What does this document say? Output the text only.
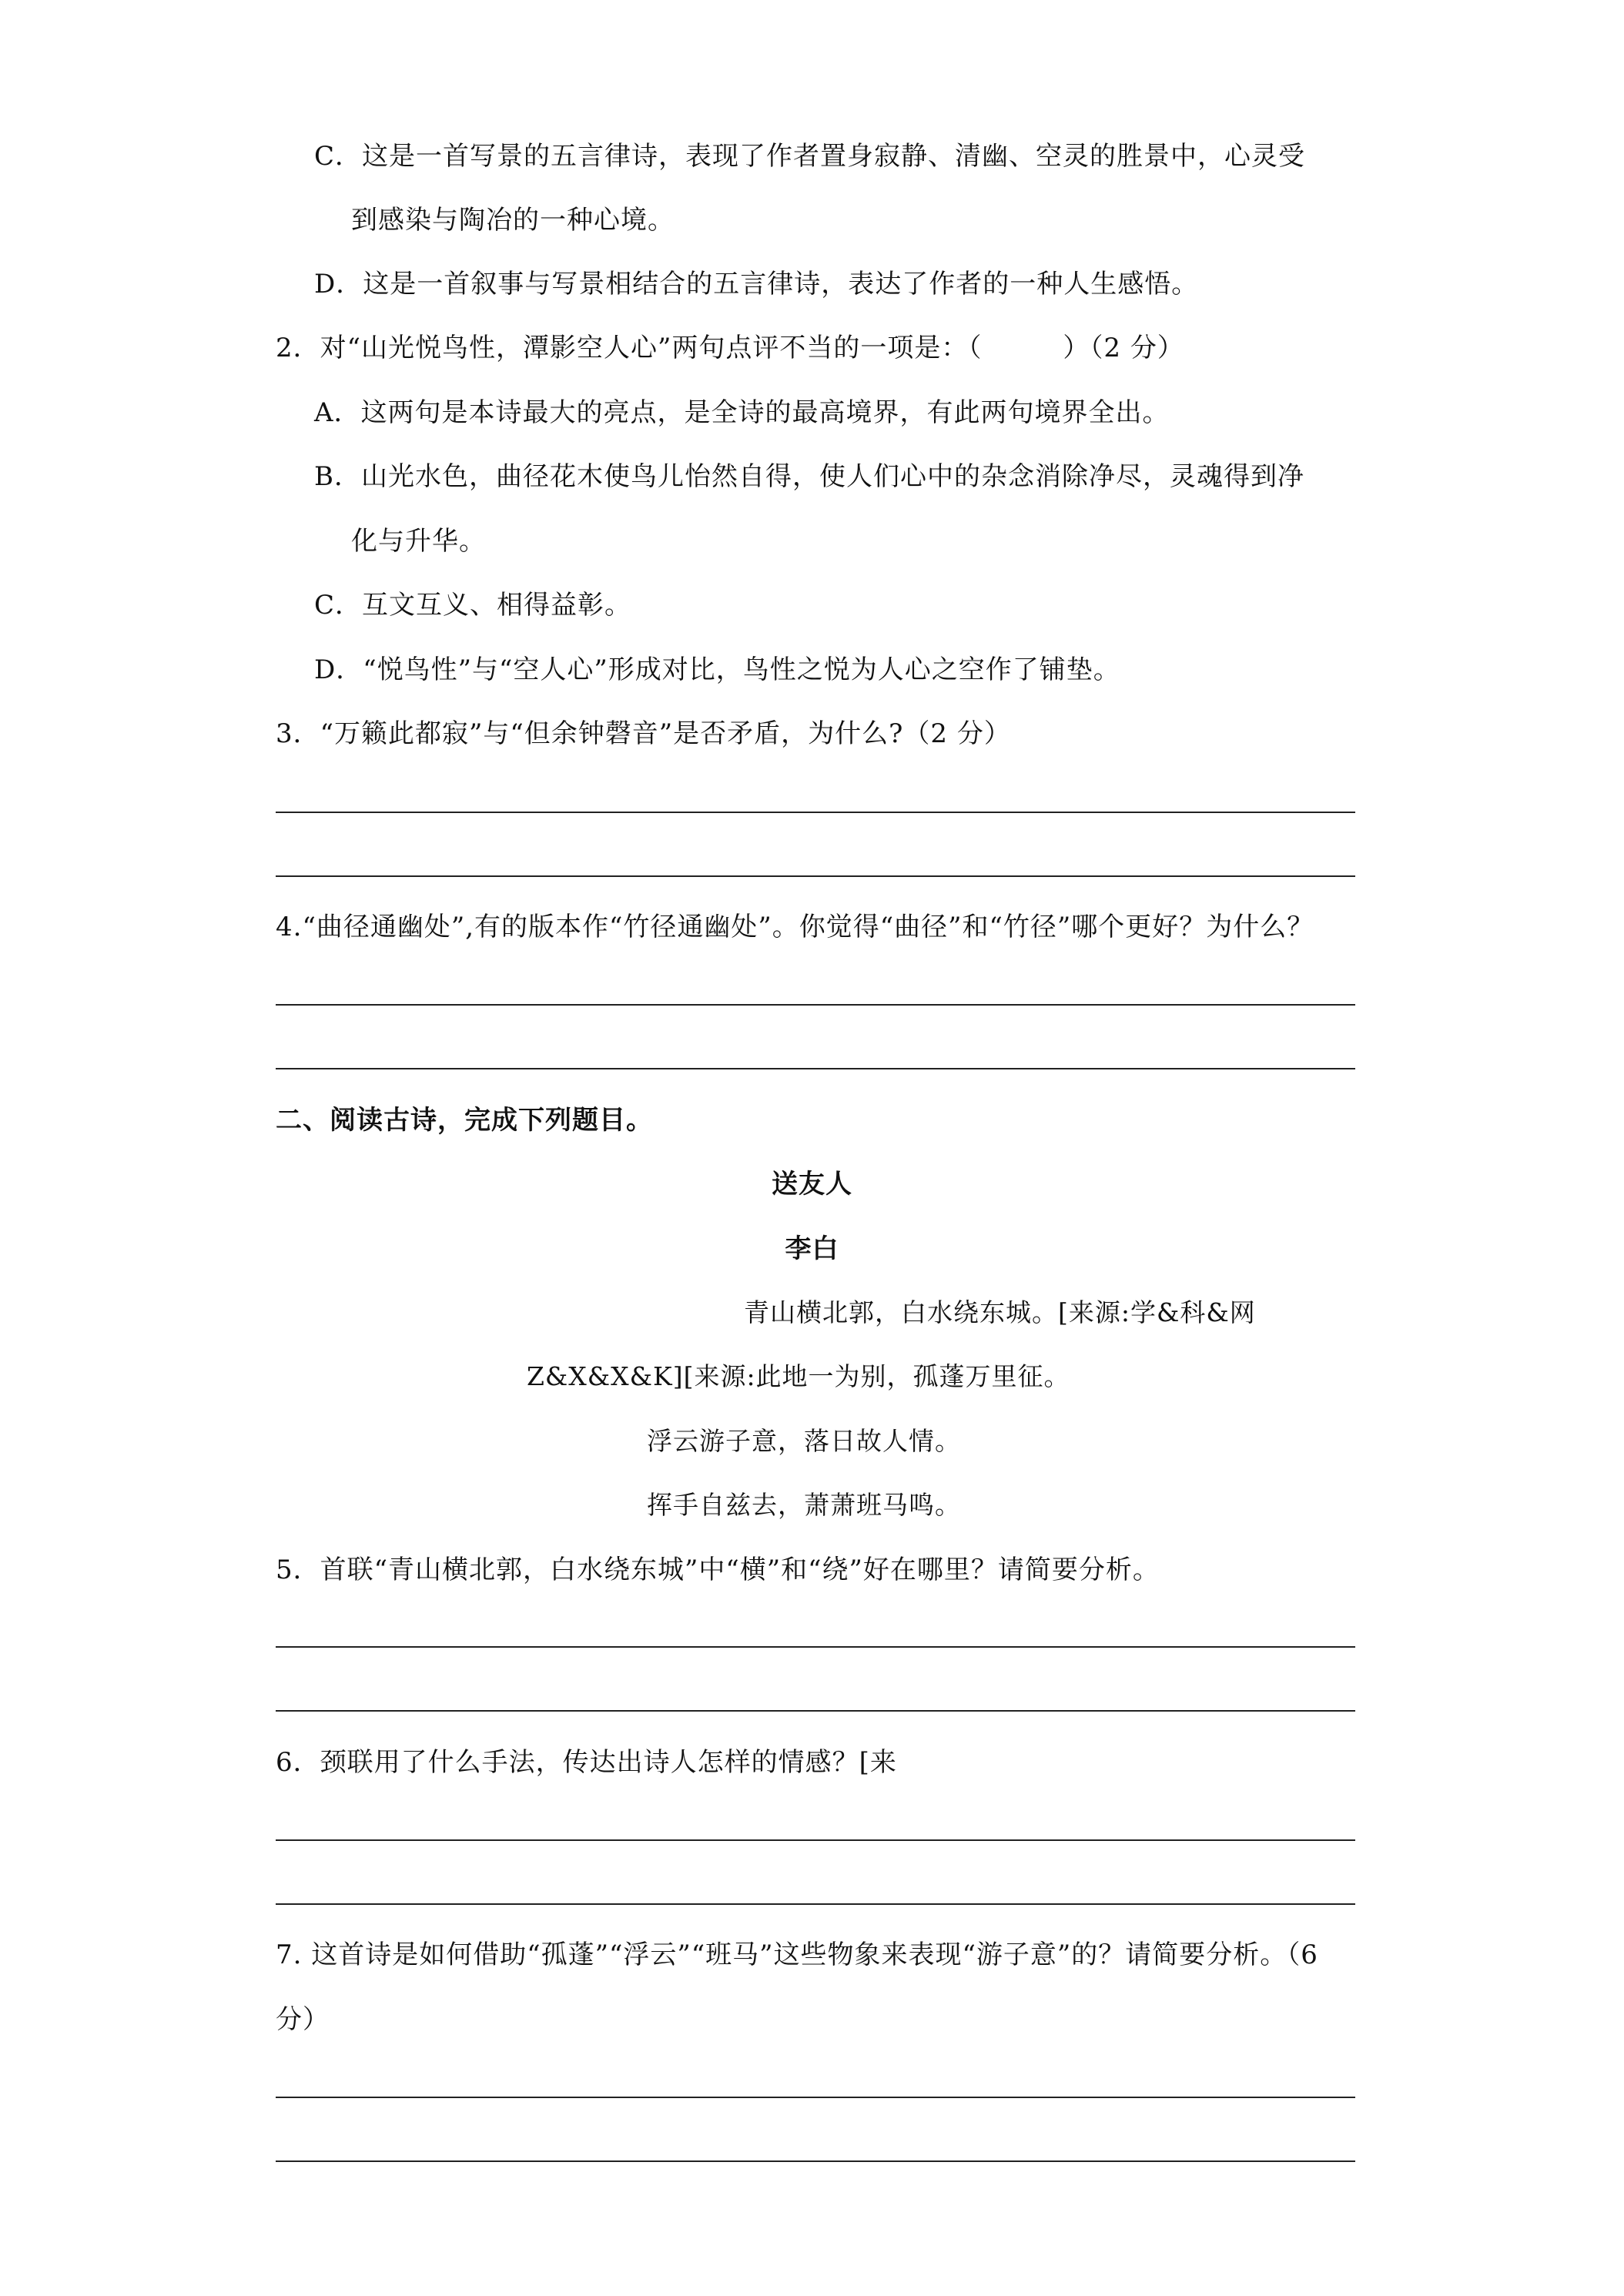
C．这是一首写景的五言律诗，表现了作者置身寂静、清幽、空灵的胜景中，心灵受
到感染与陶冶的一种心境。
D．这是一首叙事与写景相结合的五言律诗，表达了作者的一种人生感悟。
2．对“山光悦鸟性，潭影空人心”两句点评不当的一项是：（　　　）（2 分）
A．这两句是本诗最大的亮点，是全诗的最高境界，有此两句境界全出。
B．山光水色，曲径花木使鸟儿怡然自得，使人们心中的杂念消除净尽，灵魂得到净
化与升华。
C．互文互义、相得益彰。
D．“悦鸟性”与“空人心”形成对比，鸟性之悦为人心之空作了铺垫。
3．“万籁此都寂”与“但余钟磬音”是否矛盾，为什么?（2 分）
4.“曲径通幽处”,有的版本作“竹径通幽处”。你觉得“曲径”和“竹径”哪个更好？为什么？
二、阅读古诗，完成下列题目。
送友人
李白
青山横北郭，白水绕东城。[来源:学&科&网
Z&X&X&K][来源:此地一为别，孤蓬万里征。
浮云游子意，落日故人情。
挥手自兹去，萧萧班马鸣。
5．首联“青山横北郭，白水绕东城”中“横”和“绕”好在哪里？请简要分析。
6．颈联用了什么手法，传达出诗人怎样的情感？[来
7. 这首诗是如何借助“孤蓬”“浮云”“班马”这些物象来表现“游子意”的？请简要分析。（6
分）
